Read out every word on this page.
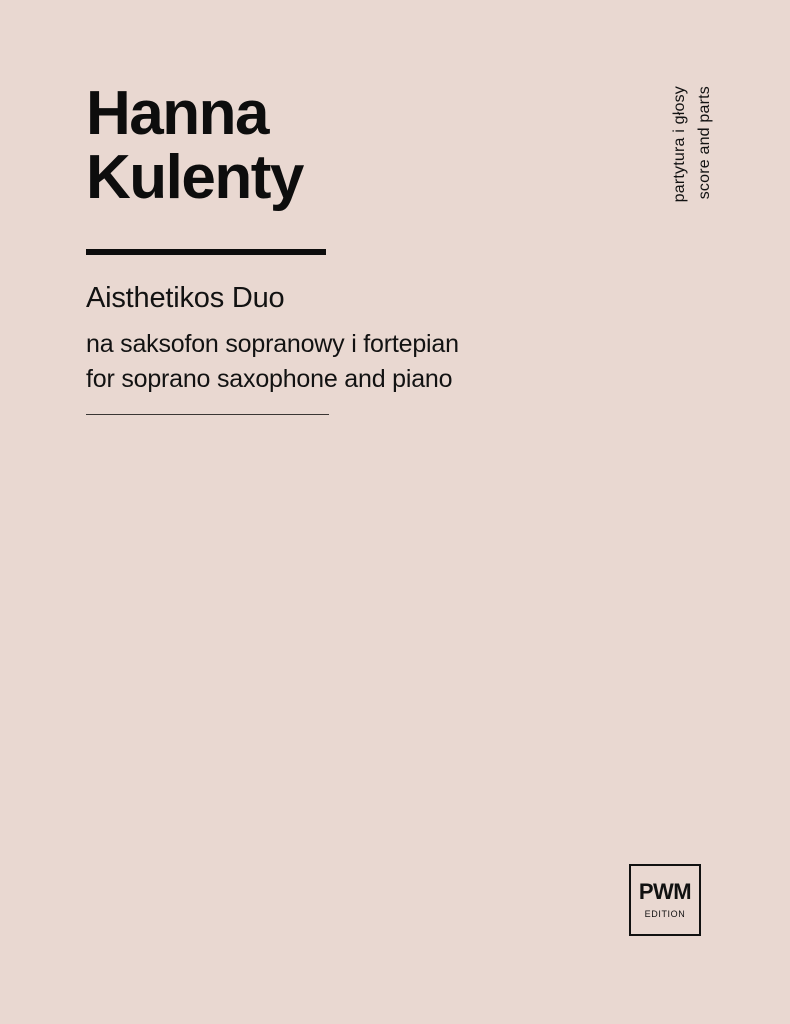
Hanna
Kulenty
Aisthetikos Duo
na saksofon sopranowy i fortepian
for soprano saxophone and piano
partytura i głosy score and parts
PWM
EDITION
